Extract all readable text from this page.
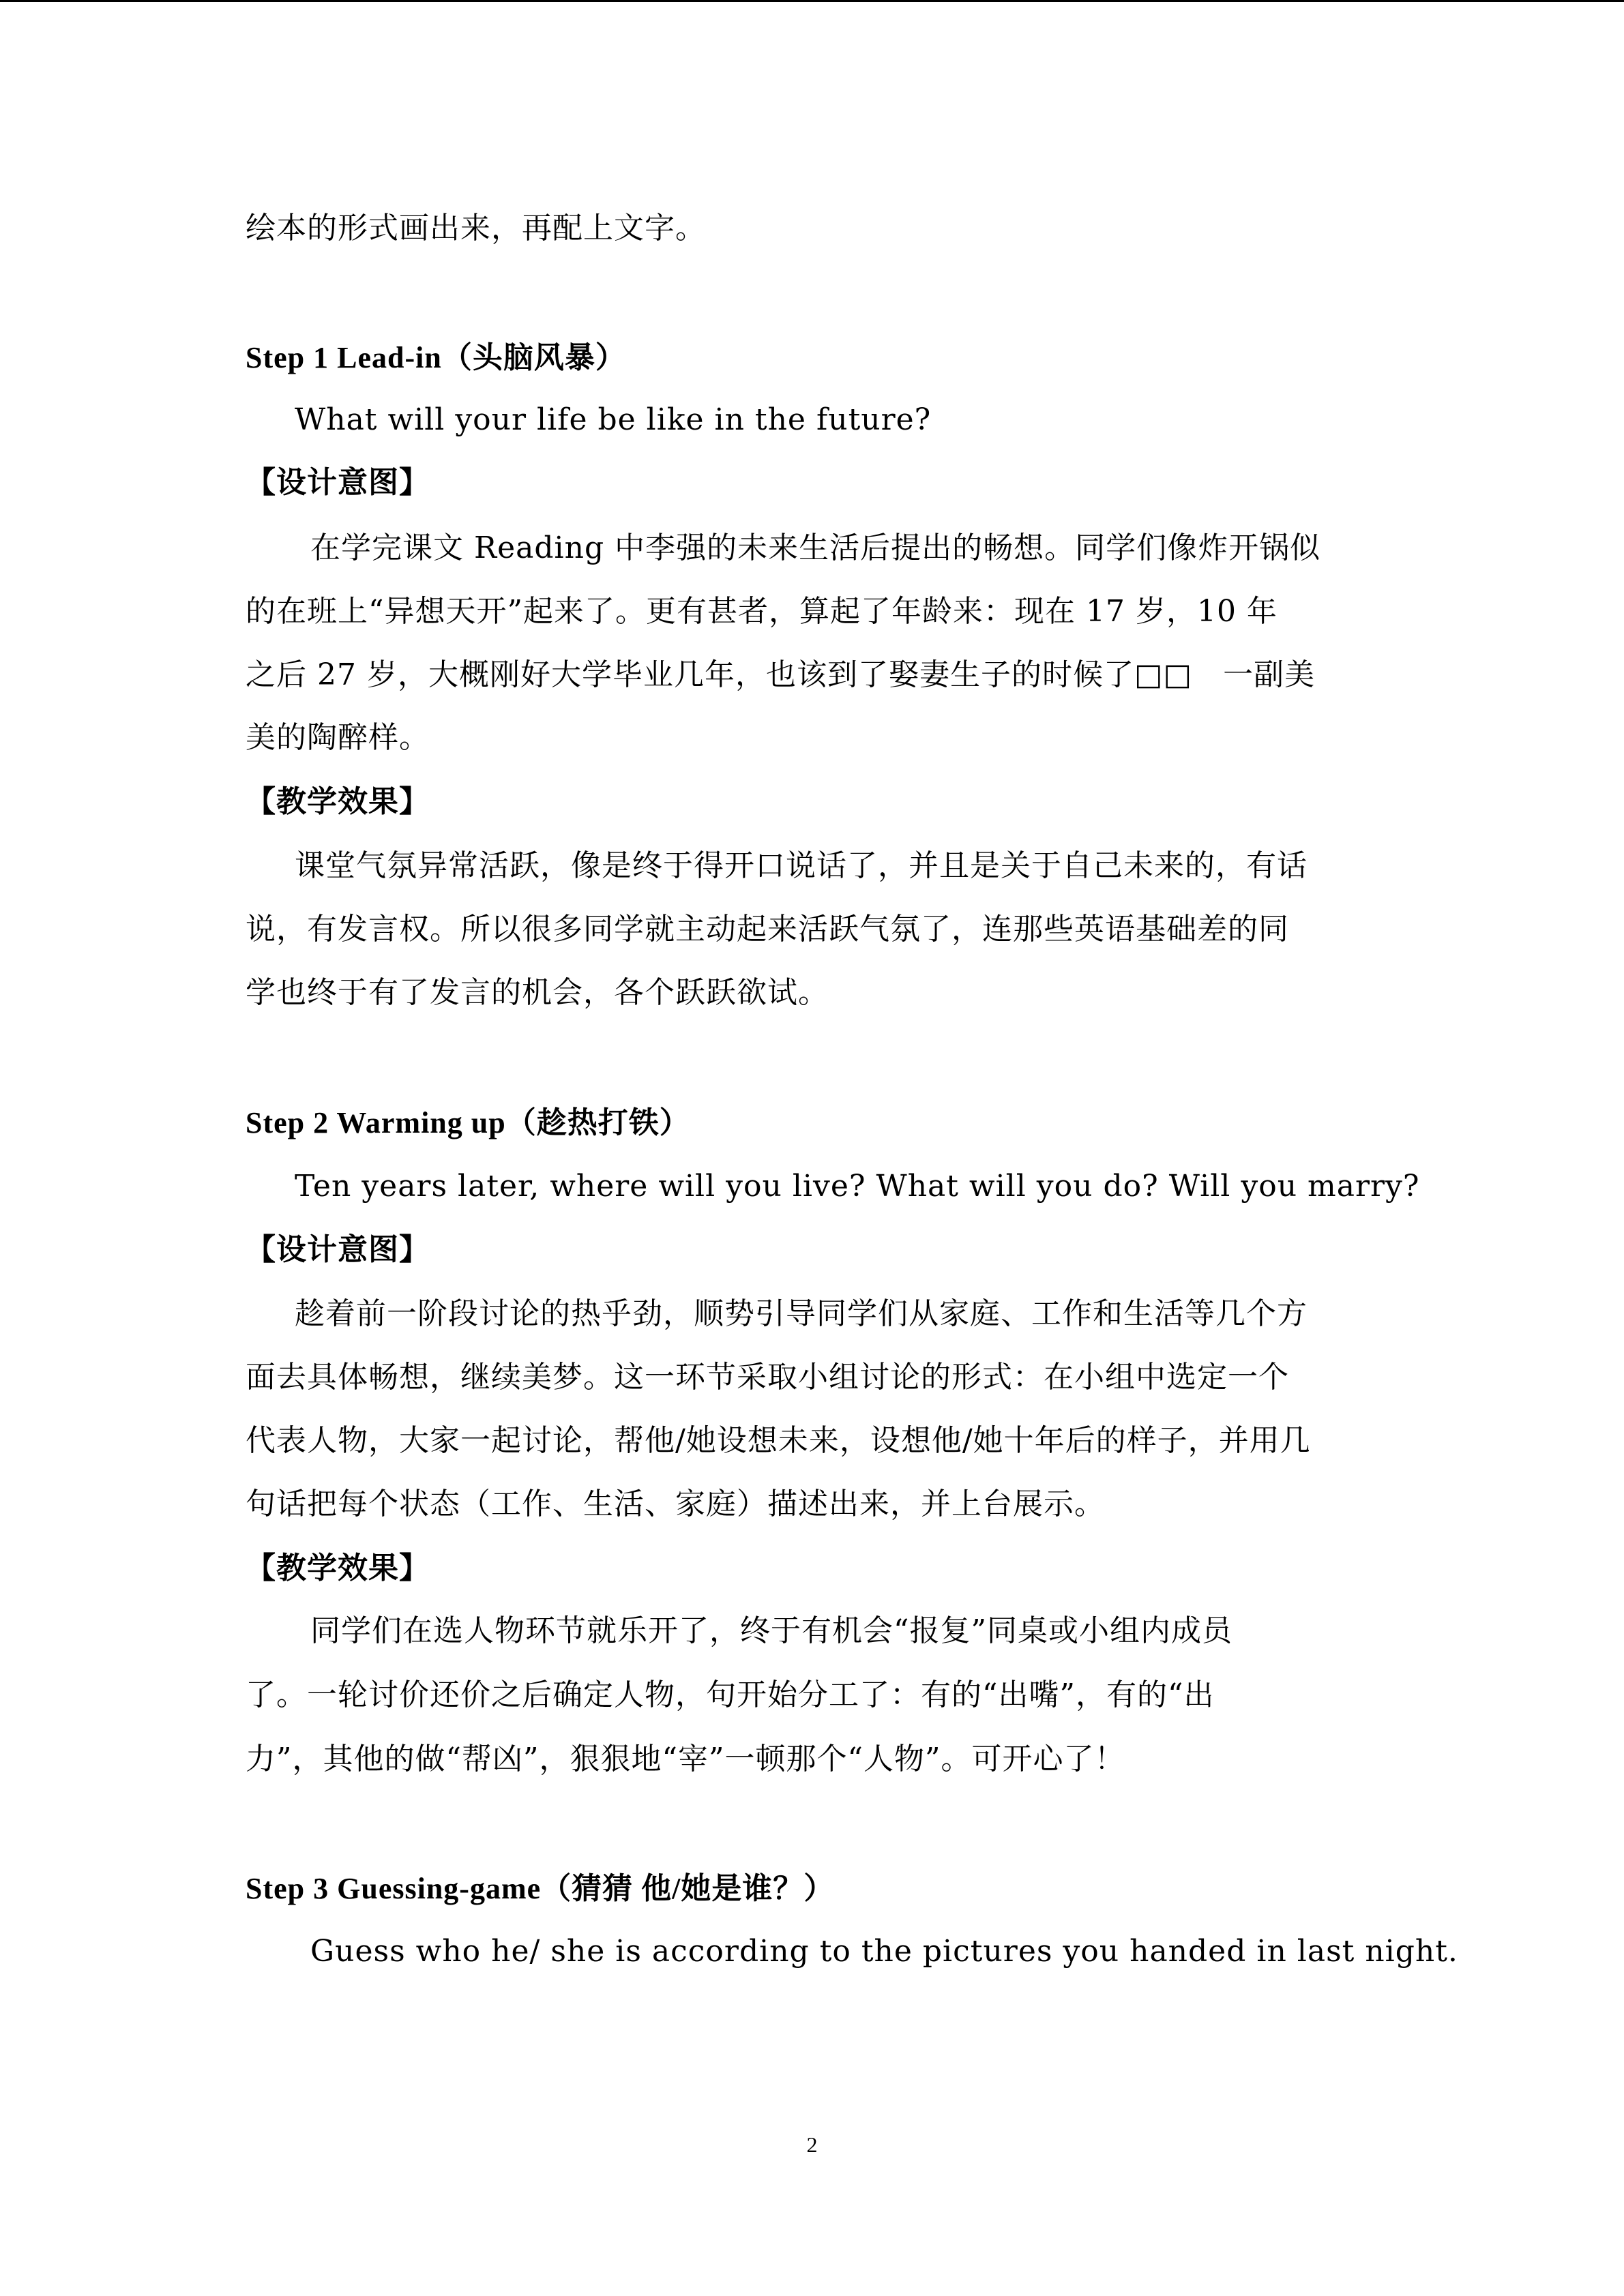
绘本的形式画出来，再配上文字。
Step 1 Lead-in（头脑风暴）
What will your life be like in the future?
【设计意图】
在学完课文 Reading 中李强的未来生活后提出的畅想。同学们像炸开锅似
的在班上“异想天开”起来了。更有甚者，算起了年龄来：现在 17 岁，10 年
之后 27 岁，大概刚好大学毕业几年，也该到了娶妻生子的时候了□□　一副美
美的陶醉样。
【教学效果】
课堂气氛异常活跃，像是终于得开口说话了，并且是关于自己未来的，有话
说，有发言权。所以很多同学就主动起来活跃气氛了，连那些英语基础差的同
学也终于有了发言的机会，各个跃跃欲试。
Step 2 Warming up（趁热打铁）
Ten years later, where will you live? What will you do? Will you marry?
【设计意图】
趁着前一阶段讨论的热乎劲，顺势引导同学们从家庭、工作和生活等几个方
面去具体畅想，继续美梦。这一环节采取小组讨论的形式：在小组中选定一个
代表人物，大家一起讨论，帮他/她设想未来，设想他/她十年后的样子，并用几
句话把每个状态（工作、生活、家庭）描述出来，并上台展示。
【教学效果】
同学们在选人物环节就乐开了，终于有机会“报复”同桌或小组内成员
了。一轮讨价还价之后确定人物，句开始分工了：有的“出嘴”，有的“出
力”，其他的做“帮凶”，狠狠地“宰”一顿那个“人物”。可开心了！
Step 3 Guessing-game（猜猜 他/她是谁？）
Guess who he/ she is according to the pictures you handed in last night.
2
